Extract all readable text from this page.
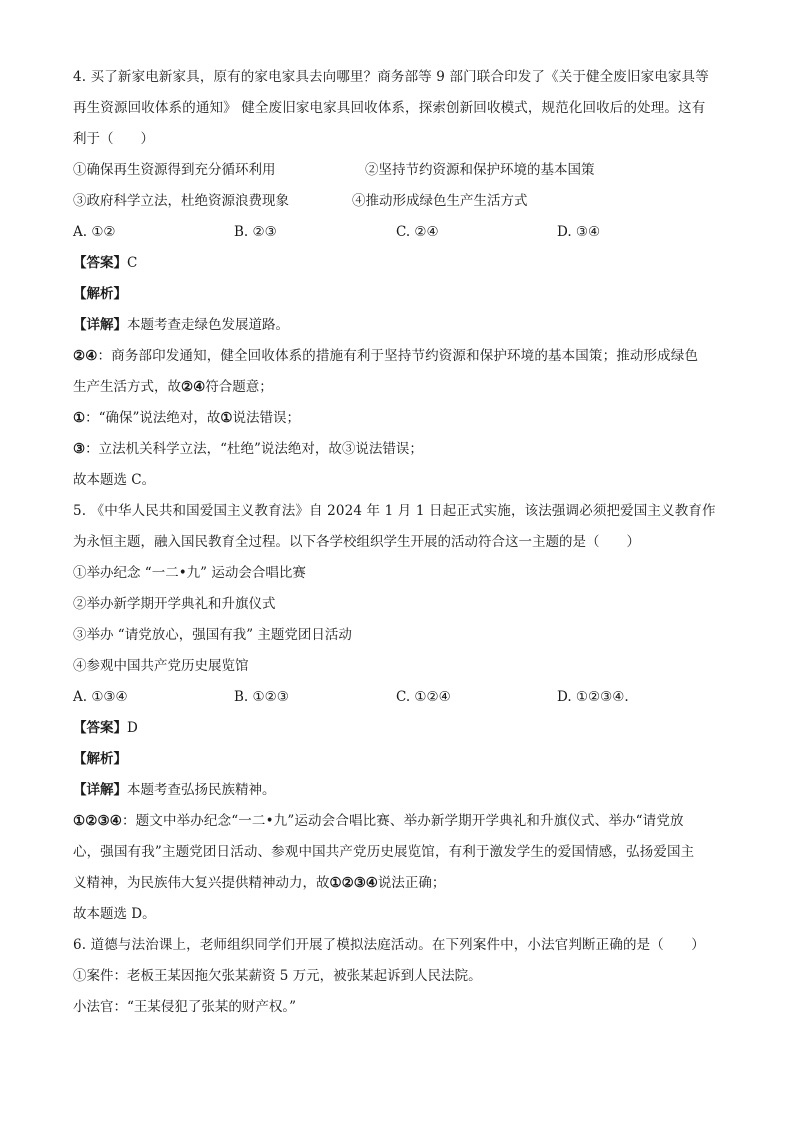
4. 买了新家电新家具，原有的家电家具去向哪里？商务部等 9 部门联合印发了《关于健全废旧家电家具等
再生资源回收体系的通知》 健全废旧家电家具回收体系，探索创新回收模式，规范化回收后的处理。这有
利于（　　）
①确保再生资源得到充分循环利用	②坚持节约资源和保护环境的基本国策
③政府科学立法，杜绝资源浪费现象	④推动形成绿色生产生活方式
A. ①②	B. ②③	C. ②④	D. ③④
【答案】C
【解析】
【详解】本题考查走绿色发展道路。
②④：商务部印发通知，健全回收体系的措施有利于坚持节约资源和保护环境的基本国策；推动形成绿色
生产生活方式，故②④符合题意；
①：“确保”说法绝对，故①说法错误；
③：立法机关科学立法，“杜绝”说法绝对，故③说法错误；
故本题选 C。
5. 《中华人民共和国爱国主义教育法》自 2024 年 1 月 1 日起正式实施，该法强调必须把爱国主义教育作
为永恒主题，融入国民教育全过程。以下各学校组织学生开展的活动符合这一主题的是（　　）
①举办纪念 “一二•九” 运动会合唱比赛
②举办新学期开学典礼和升旗仪式
③举办 “请党放心，强国有我” 主题党团日活动
④参观中国共产党历史展览馆
A. ①③④	B. ①②③	C. ①②④	D. ①②③④.
【答案】D
【解析】
【详解】本题考查弘扬民族精神。
①②③④：题文中举办纪念“一二•九”运动会合唱比赛、举办新学期开学典礼和升旗仪式、举办“请党放
心，强国有我”主题党团日活动、参观中国共产党历史展览馆，有利于激发学生的爱国情感，弘扬爱国主
义精神，为民族伟大复兴提供精神动力，故①②③④说法正确；
故本题选 D。
6. 道德与法治课上，老师组织同学们开展了模拟法庭活动。在下列案件中，小法官判断正确的是（　　）
①案件：老板王某因拖欠张某薪资 5 万元，被张某起诉到人民法院。
小法官：“王某侵犯了张某的财产权。”
